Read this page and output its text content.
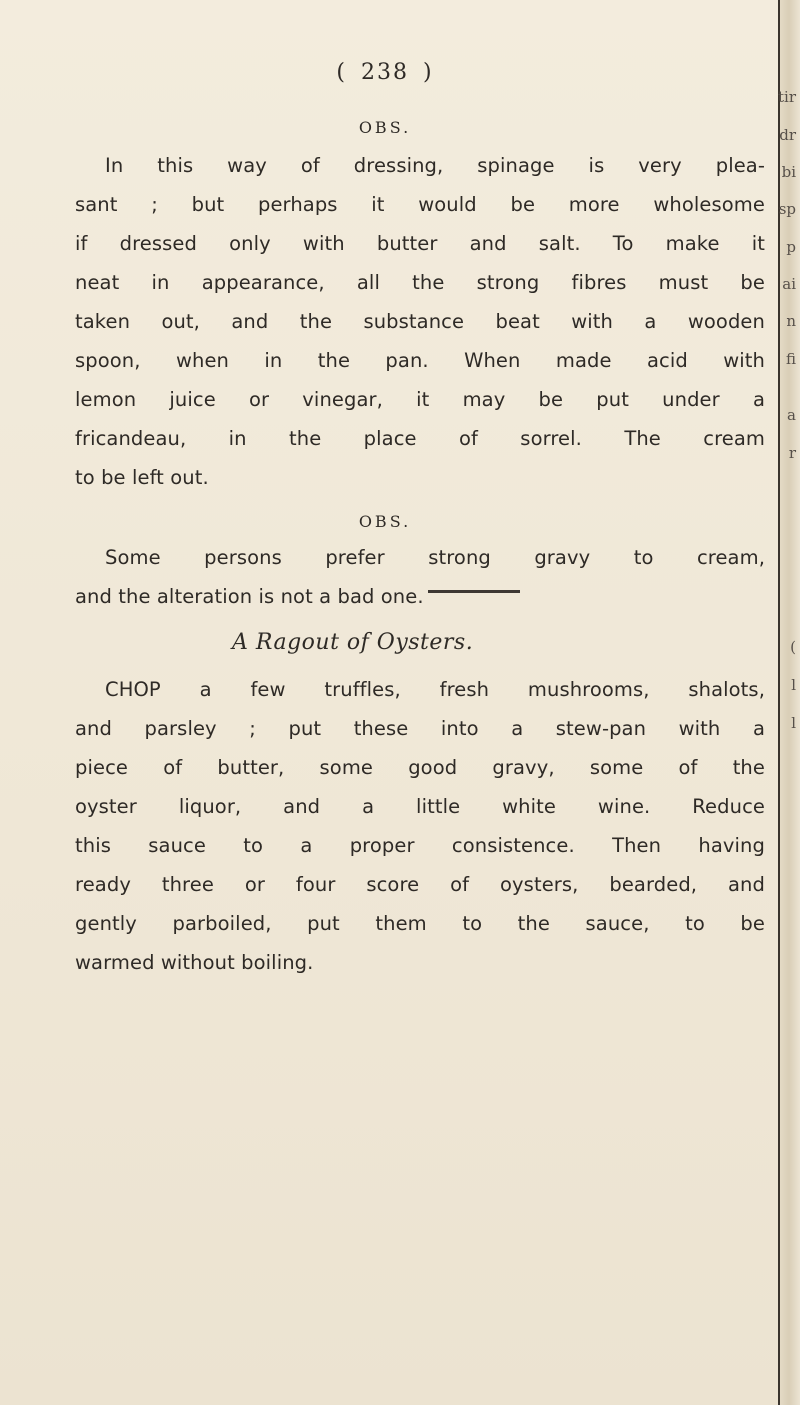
( 238 )
OBS.
In this way of dressing, spinage is very plea-
sant ; but perhaps it would be more wholesome
if dressed only with butter and salt. To make it
neat in appearance, all the strong fibres must be
taken out, and the substance beat with a wooden
spoon, when in the pan. When made acid with
lemon juice or vinegar, it may be put under a
fricandeau, in the place of sorrel. The cream
to be left out.
OBS.
Some persons prefer strong gravy to cream,
and the alteration is not a bad one.
A Ragout of Oysters.
CHOP a few truffles, fresh mushrooms, shalots,
and parsley ; put these into a stew-pan with a
piece of butter, some good gravy, some of the
oyster liquor, and a little white wine. Reduce
this sauce to a proper consistence. Then having
ready three or four score of oysters, bearded, and
gently parboiled, put them to the sauce, to be
warmed without boiling.
tir
dr
bi
sp
p
ai
n
fi
a
r
(
l
l
